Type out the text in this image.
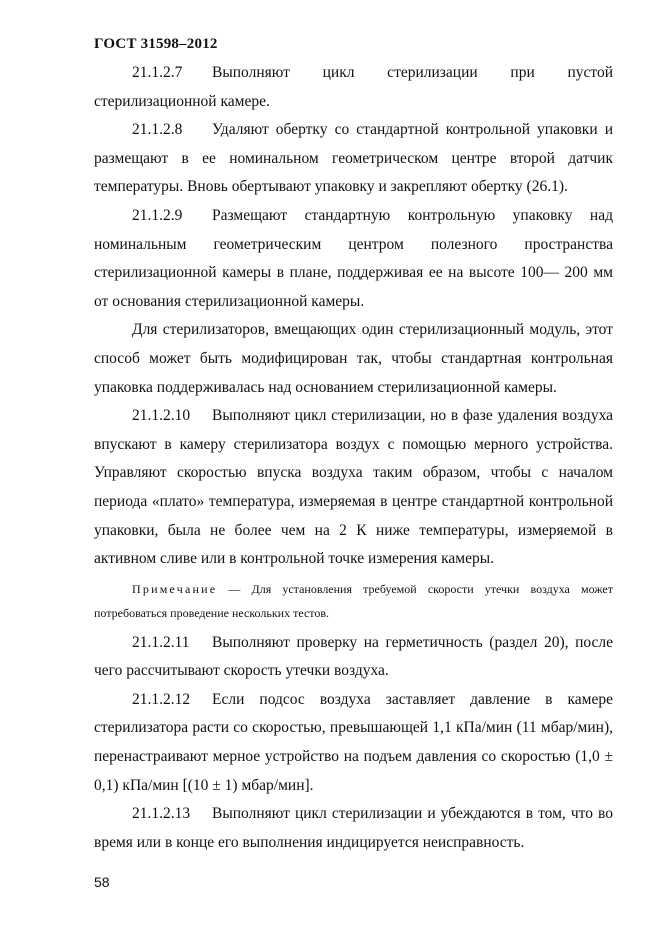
ГОСТ 31598–2012

21.1.2.7 Выполняют цикл стерилизации при пустой стерилизационной камере.

21.1.2.8 Удаляют обертку со стандартной контрольной упаковки и размещают в ее номинальном геометрическом центре второй датчик температуры. Вновь обертывают упаковку и закрепляют обертку (26.1).

21.1.2.9 Размещают стандартную контрольную упаковку над номинальным геометрическим центром полезного пространства стерилизационной камеры в плане, поддерживая ее на высоте 100— 200 мм от основания стерилизационной камеры.

Для стерилизаторов, вмещающих один стерилизационный модуль, этот способ может быть модифицирован так, чтобы стандартная контрольная упаковка поддерживалась над основанием стерилизационной камеры.

21.1.2.10 Выполняют цикл стерилизации, но в фазе удаления воздуха впускают в камеру стерилизатора воздух с помощью мерного устройства. Управляют скоростью впуска воздуха таким образом, чтобы с началом периода «плато» температура, измеряемая в центре стандартной контрольной упаковки, была не более чем на 2 К ниже температуры, измеряемой в активном сливе или в контрольной точке измерения камеры.

Примечание — Для установления требуемой скорости утечки воздуха может потребоваться проведение нескольких тестов.

21.1.2.11 Выполняют проверку на герметичность (раздел 20), после чего рассчитывают скорость утечки воздуха.

21.1.2.12 Если подсос воздуха заставляет давление в камере стерилизатора расти со скоростью, превышающей 1,1 кПа/мин (11 мбар/мин), перенастраивают мерное устройство на подъем давления со скоростью (1,0 ± 0,1) кПа/мин [(10 ± 1) мбар/мин].

21.1.2.13 Выполняют цикл стерилизации и убеждаются в том, что во время или в конце его выполнения индицируется неисправность.

58
